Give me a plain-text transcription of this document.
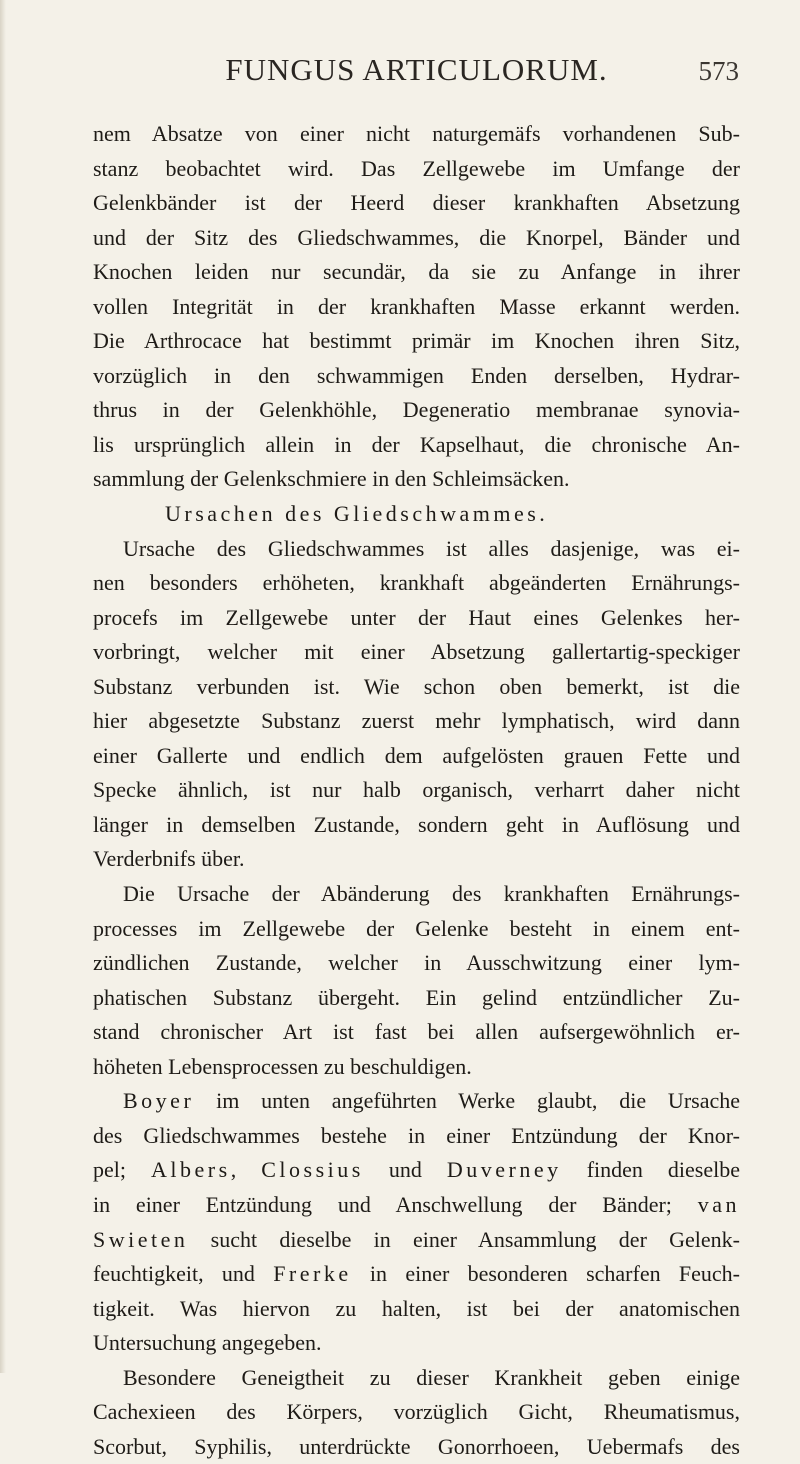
FUNGUS ARTICULORUM.	573
nem Absatze von einer nicht naturgemäfs vorhandenen Sub-
stanz beobachtet wird. Das Zellgewebe im Umfange der
Gelenkbänder ist der Heerd dieser krankhaften Absetzung
und der Sitz des Gliedschwammes, die Knorpel, Bänder und
Knochen leiden nur secundär, da sie zu Anfange in ihrer
vollen Integrität in der krankhaften Masse erkannt werden.
Die Arthrocace hat bestimmt primär im Knochen ihren Sitz,
vorzüglich in den schwammigen Enden derselben, Hydrar-
thrus in der Gelenkhöhle, Degeneratio membranae synovia-
lis ursprünglich allein in der Kapselhaut, die chronische An-
sammlung der Gelenkschmiere in den Schleimsäcken.
Ursachen des Gliedschwammes.
Ursache des Gliedschwammes ist alles dasjenige, was ei-
nen besonders erhöheten, krankhaft abgeänderten Ernährungs-
procefs im Zellgewebe unter der Haut eines Gelenkes her-
vorbringt, welcher mit einer Absetzung gallertartig-speckiger
Substanz verbunden ist. Wie schon oben bemerkt, ist die
hier abgesetzte Substanz zuerst mehr lymphatisch, wird dann
einer Gallerte und endlich dem aufgelösten grauen Fette und
Specke ähnlich, ist nur halb organisch, verharrt daher nicht
länger in demselben Zustande, sondern geht in Auflösung und
Verderbnifs über.
Die Ursache der Abänderung des krankhaften Ernährungs-
processes im Zellgewebe der Gelenke besteht in einem ent-
zündlichen Zustande, welcher in Ausschwitzung einer lym-
phatischen Substanz übergeht. Ein gelind entzündlicher Zu-
stand chronischer Art ist fast bei allen aufsergewöhnlich er-
höheten Lebensprocessen zu beschuldigen.
Boyer im unten angeführten Werke glaubt, die Ursache
des Gliedschwammes bestehe in einer Entzündung der Knor-
pel; Albers, Clossius und Duverney finden dieselbe
in einer Entzündung und Anschwellung der Bänder; van
Swieten sucht dieselbe in einer Ansammlung der Gelenk-
feuchtigkeit, und Frerke in einer besonderen scharfen Feuch-
tigkeit. Was hiervon zu halten, ist bei der anatomischen
Untersuchung angegeben.
Besondere Geneigtheit zu dieser Krankheit geben einige
Cachexieen des Körpers, vorzüglich Gicht, Rheumatismus,
Scorbut, Syphilis, unterdrückte Gonorrhoeen, Uebermafs des
